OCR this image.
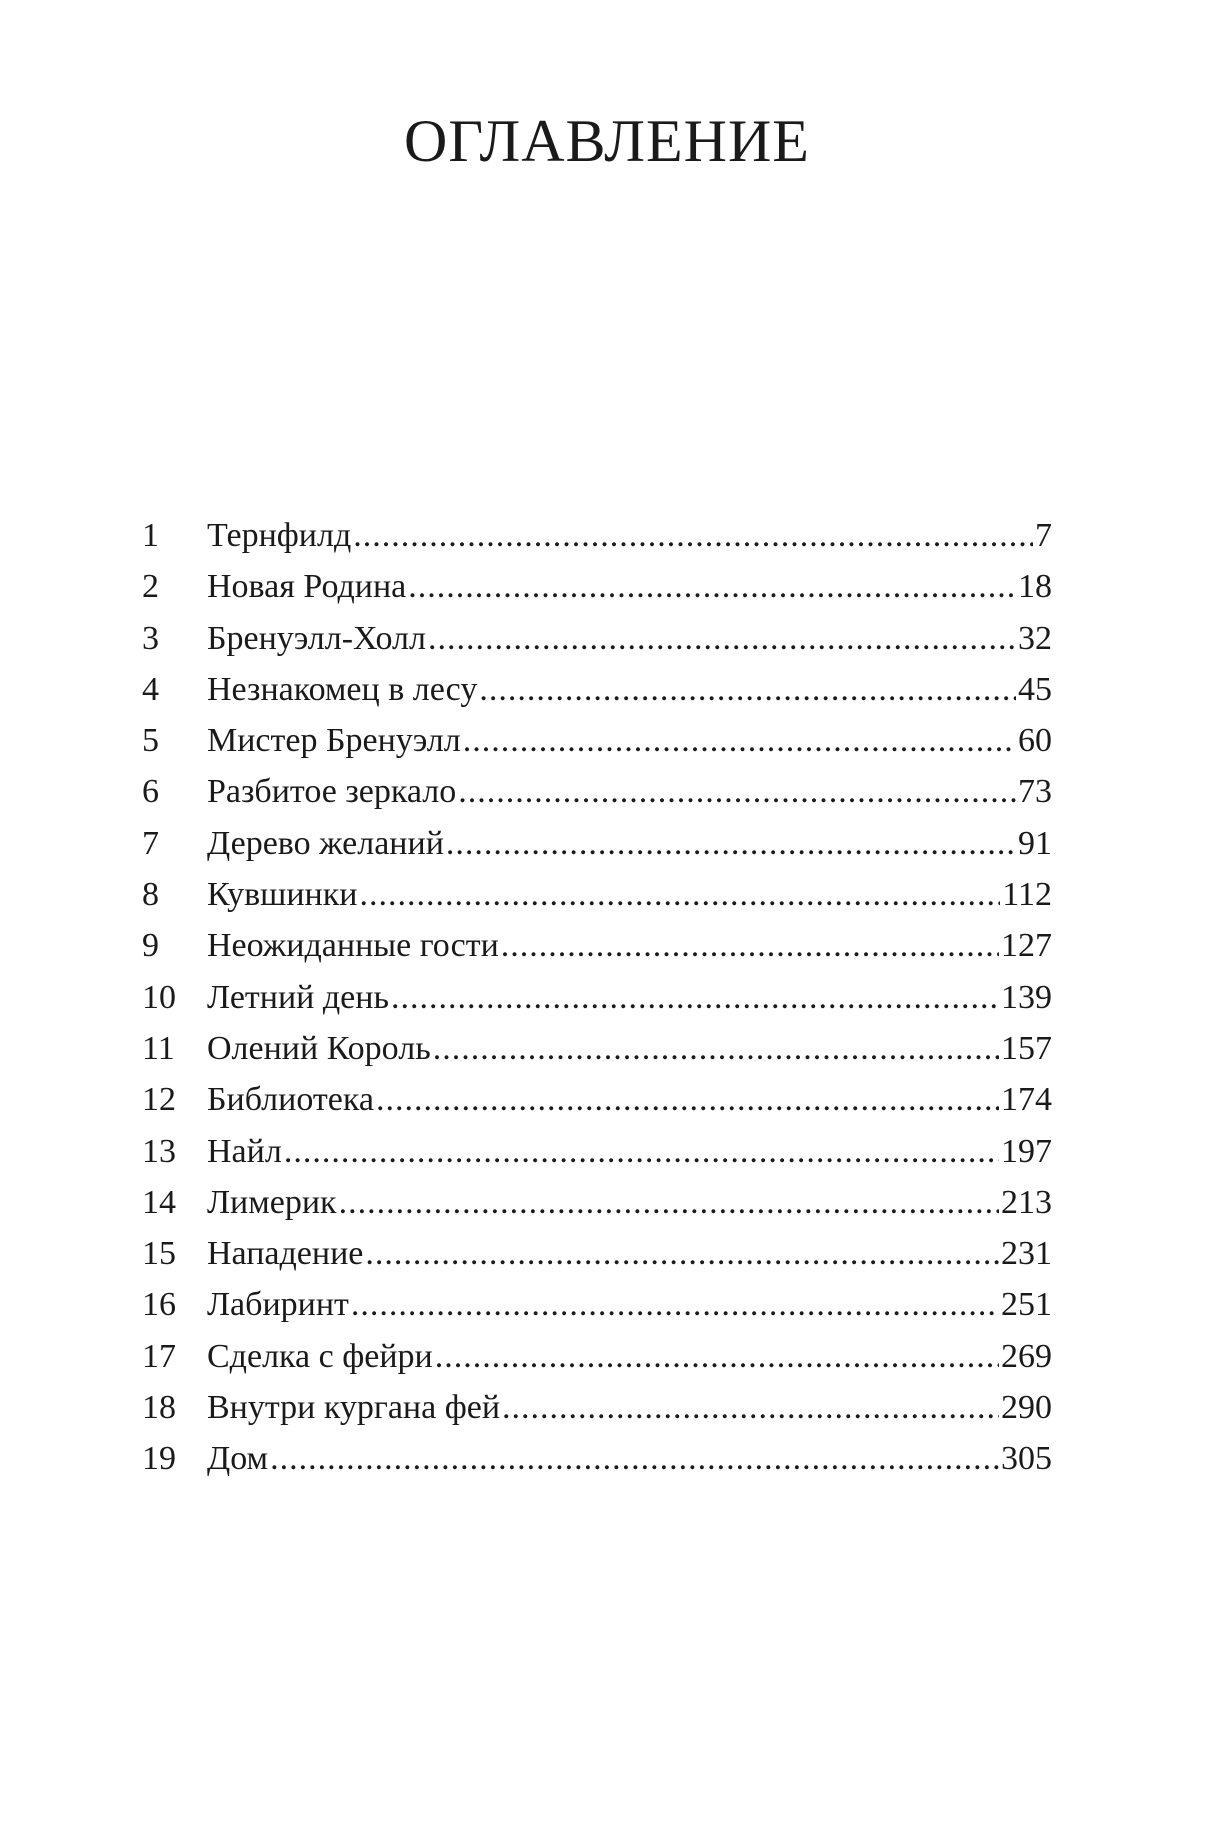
ОГЛАВЛЕНИЕ
1	Тернфилд .....	7
2	Новая Родина .....	18
3	Бренуэлл-Холл .....	32
4	Незнакомец в лесу .....	45
5	Мистер Бренуэлл .....	60
6	Разбитое зеркало .....	73
7	Дерево желаний .....	91
8	Кувшинки .....	112
9	Неожиданные гости .....	127
10 Летний день .....	139
11 Олений Король .....	157
12 Библиотека .....	174
13 Найл .....	197
14 Лимерик .....	213
15 Нападение .....	231
16 Лабиринт .....	251
17 Сделка с фейри .....	269
18 Внутри кургана фей .....	290
19 Дом .....	305
